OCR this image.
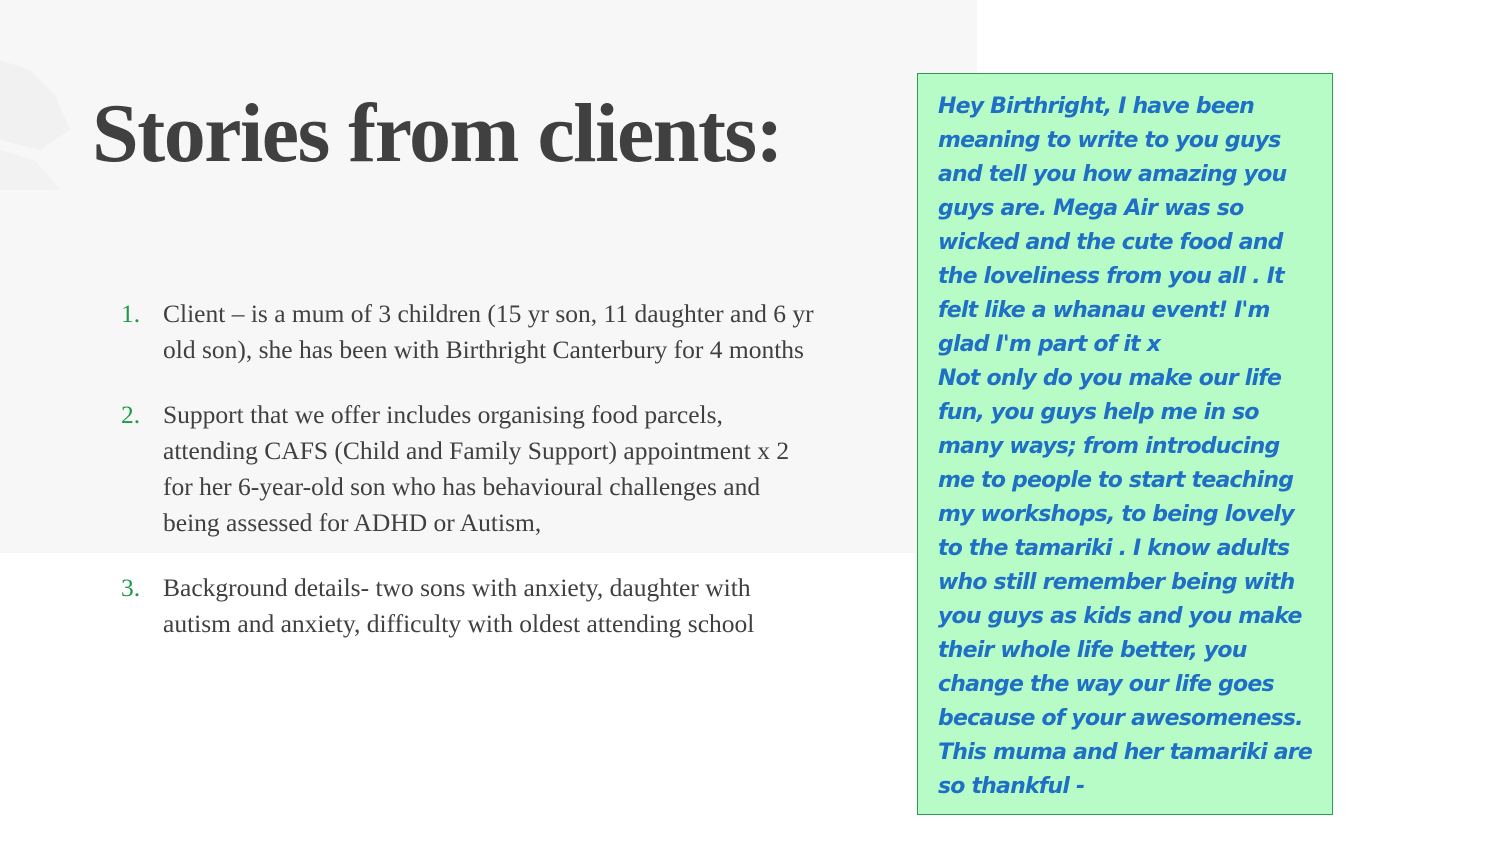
Stories from clients:
1. Client – is a mum of 3 children (15 yr son, 11 daughter and 6 yr old son), she has been with Birthright Canterbury for 4 months
2. Support that we offer includes organising food parcels, attending CAFS (Child and Family Support) appointment x 2 for her 6-year-old son who has behavioural challenges and being assessed for ADHD or Autism,
3. Background details- two sons with anxiety, daughter with autism and anxiety, difficulty with oldest attending school

Hey Birthright, I have been meaning to write to you guys and tell you how amazing you guys are. Mega Air was so wicked and the cute food and the loveliness from you all . It felt like a whanau event! I'm glad I'm part of it x

Not only do you make our life fun, you guys help me in so many ways; from introducing me to people to start teaching my workshops, to being lovely to the tamariki . I know adults who still remember being with you guys as kids and you make their whole life better, you change the way our life goes because of your awesomeness. This muma and her tamariki are so thankful -
